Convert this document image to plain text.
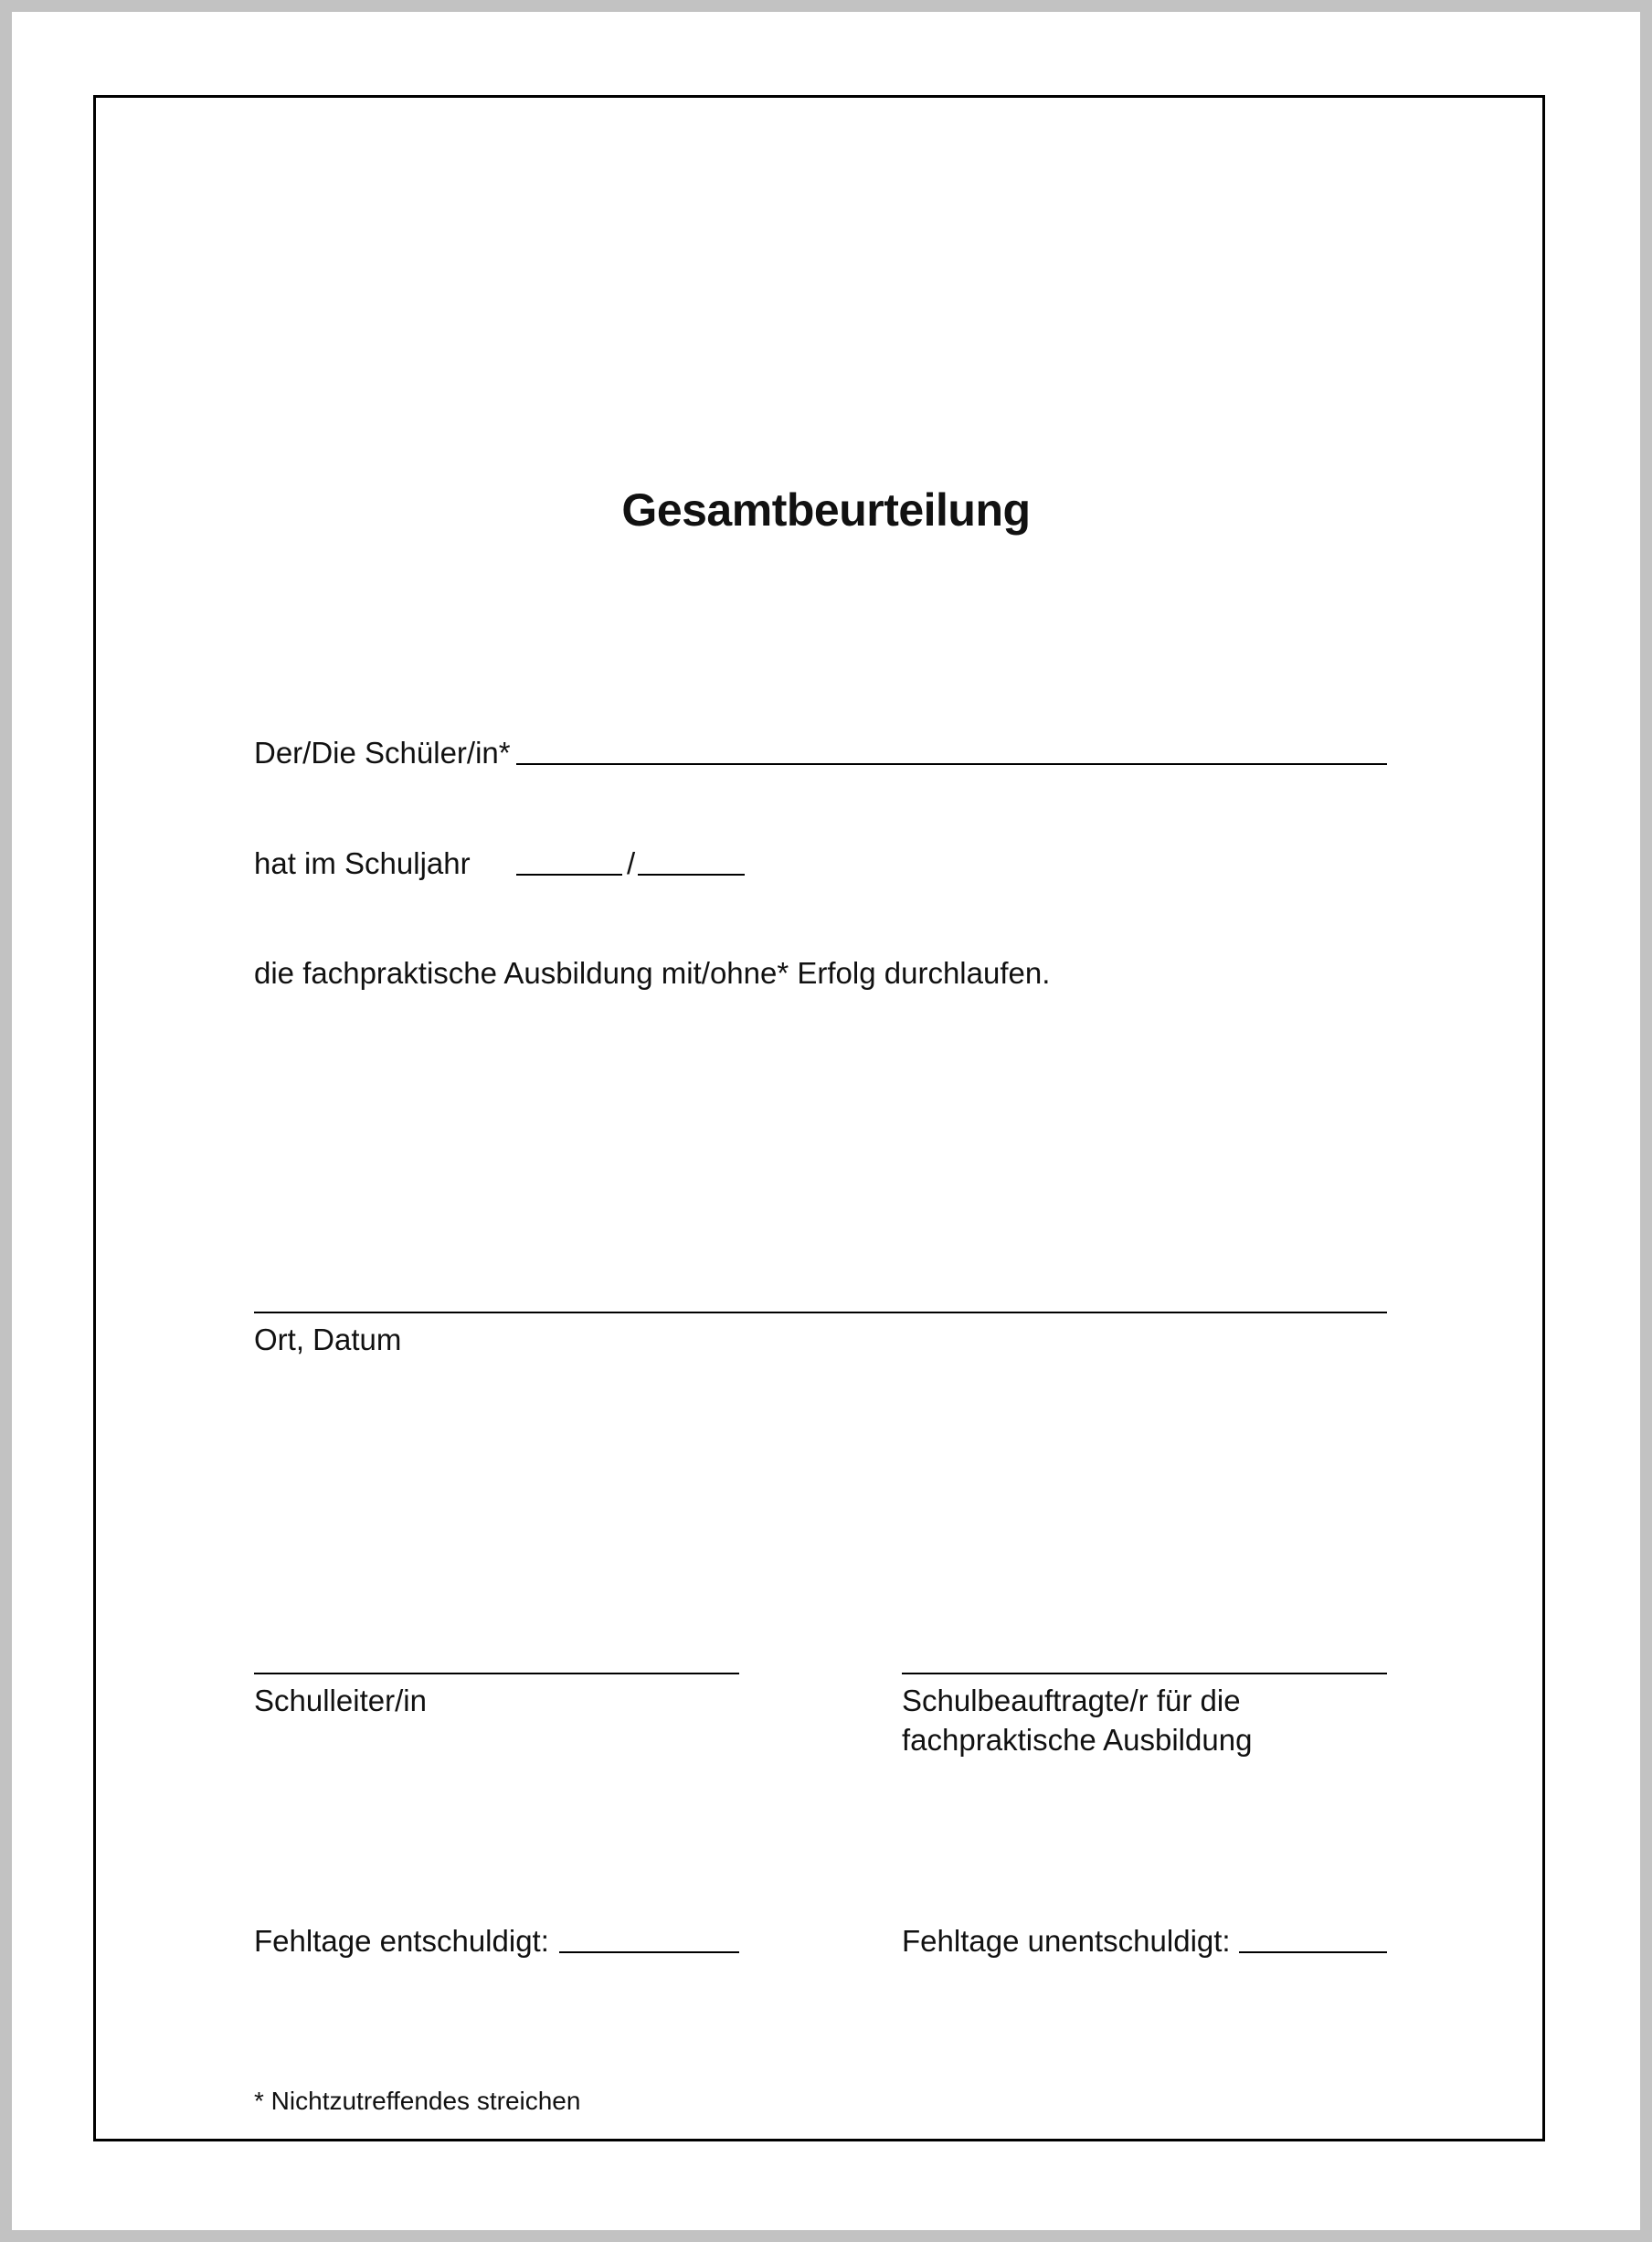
Gesamtbeurteilung
Der/Die Schüler/in*
hat im Schuljahr	/
die fachpraktische Ausbildung mit/ohne* Erfolg durchlaufen.
Ort, Datum
Schulleiter/in	Schulbeauftragte/r für die
fachpraktische Ausbildung
Fehltage entschuldigt:	Fehltage unentschuldigt:
* Nichtzutreffendes streichen
